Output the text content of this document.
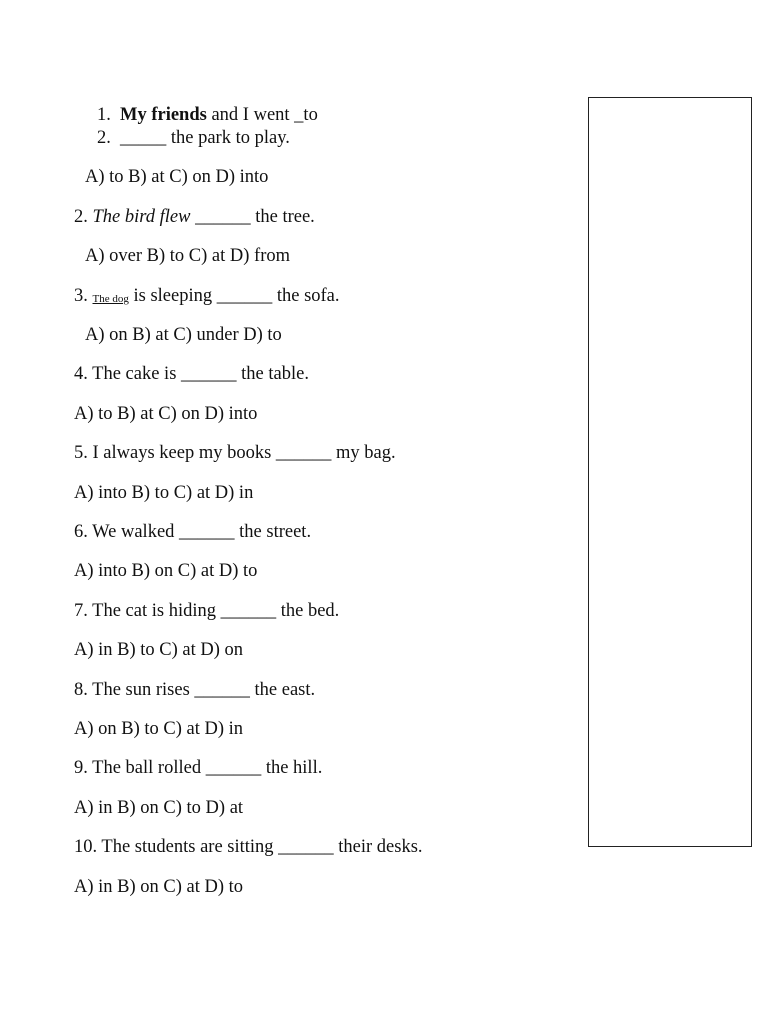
1. My friends and I went _to
2. _____ the park to play.
A) to B) at C) on D) into
2. The bird flew ______ the tree.
A) over B) to C) at D) from
3. The dog is sleeping ______ the sofa.
A) on B) at C) under D) to
4. The cake is ______ the table.
A) to B) at C) on D) into
5. I always keep my books ______ my bag.
A) into B) to C) at D) in
6. We walked ______ the street.
A) into B) on C) at D) to
7. The cat is hiding ______ the bed.
A) in B) to C) at D) on
8. The sun rises ______ the east.
A) on B) to C) at D) in
9. The ball rolled ______ the hill.
A) in B) on C) to D) at
10. The students are sitting ______ their desks.
A) in B) on C) at D) to
